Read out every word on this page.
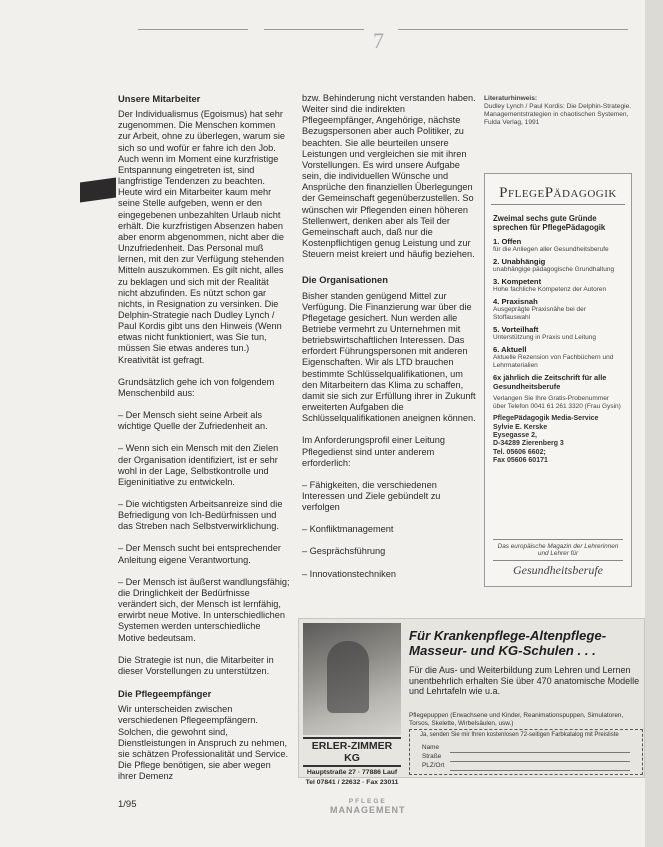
7
Unsere Mitarbeiter

Der Individualismus (Egoismus) hat sehr zugenommen. Die Menschen kommen zur Arbeit, ohne zu überlegen, warum sie sich so und wofür er fahre ich den Job. Auch wenn im Moment eine kurzfristige Entspannung eingetreten ist, sind langfristige Tendenzen zu beachten. Heute wird ein Mitarbeiter kaum mehr seine Stelle aufgeben, wenn er den eingegebenen unbezahlten Urlaub nicht erhält. Die kurzfristigen Absenzen haben aber enorm abgenommen, nicht aber die Unzufriedenheit. Das Personal muß lernen, mit den zur Verfügung stehenden Mitteln auszukommen. Es gilt nicht, alles zu beklagen und sich mit der Realität nicht abzufinden. Es nützt schon gar nichts, in Resignation zu versinken. Die Delphin-Strategie nach Dudley Lynch / Paul Kordis gibt uns den Hinweis (Wenn etwas nicht funktioniert, was Sie tun, müssen Sie etwas anderes tun.) Kreativität ist gefragt.

Grundsätzlich gehe ich von folgendem Menschenbild aus:

– Der Mensch sieht seine Arbeit als wichtige Quelle der Zufriedenheit an.

– Wenn sich ein Mensch mit den Zielen der Organisation identifiziert, ist er sehr wohl in der Lage, Selbstkontrolle und Eigeninitiative zu entwickeln.

– Die wichtigsten Arbeitsanreize sind die Befriedigung von Ich-Bedürfnissen und das Streben nach Selbstverwirklichung.

– Der Mensch sucht bei entsprechender Anleitung eigene Verantwortung.

– Der Mensch ist äußerst wandlungsfähig; die Dringlichkeit der Bedürfnisse verändert sich, der Mensch ist lernfähig, erwirbt neue Motive. In unterschiedlichen Systemen werden unterschiedliche Motive bedeutsam.

Die Strategie ist nun, die Mitarbeiter in dieser Vorstellungen zu unterstützen.

Die Pflegeempfänger

Wir unterscheiden zwischen verschiedenen Pflegeempfängern. Solchen, die gewohnt sind, Dienstleistungen in Anspruch zu nehmen, sie schätzen Professionalität und Service. Die Pflege benötigen, sie aber wegen ihrer Demenz

bzw. Behinderung nicht verstanden haben. Weiter sind die indirekten Pflegeempfänger, Angehörige, nächste Bezugspersonen aber auch Politiker, zu beachten. Sie alle beurteilen unsere Leistungen und vergleichen sie mit ihren Vorstellungen. Es wird unsere Aufgabe sein, die individuellen Wünsche und Ansprüche den finanziellen Überlegungen der Gemeinschaft gegenüberzustellen. So wünschen wir Pflegenden einen höheren Stellenwert, denken aber als Teil der Gemeinschaft auch, daß nur die Kostenpflichtigen genug Leistung und zur Steuern meist kreiert und häufig beziehen.

Die Organisationen

Bisher standen genügend Mittel zur Verfügung. Die Finanzierung war über die Pflegetage gesichert. Nun werden alle Betriebe vermehrt zu Unternehmen mit betriebswirtschaftlichen Interessen. Das erfordert Führungspersonen mit anderen Eigenschaften. Wir als LTD brauchen bestimmte Schlüsselqualifikationen, um den Mitarbeitern das Klima zu schaffen, damit sie sich zur Erfüllung ihrer in Zukunft erweiterten Aufgaben die Schlüsselqualifikationen aneignen können.

Im Anforderungsprofil einer Leitung Pflegedienst sind unter anderem erforderlich:

– Fähigkeiten, die verschiedenen Interessen und Ziele gebündelt zu verfolgen

– Konfliktmanagement

– Gesprächsführung

– Innovationstechniken

Literaturhinweis:
Dudley Lynch / Paul Kordis: Die Delphin-Strategie. Managementstrategien in chaotischen Systemen, Fulda Verlag, 1991
PflegePädagogik
Zweimal sechs gute Gründe sprechen für PflegePädagogik
1. Offen
für die Anliegen aller Gesundheitsberufe
2. Unabhängig
unabhängige pädagogische Grundhaltung
3. Kompetent
Hohe fachliche Kompetenz der Autoren
4. Praxisnah
Ausgeprägte Praxisnähe bei der Stoffauswahl
5. Vorteilhaft
Unterstützung in Praxis und Leitung
6. Aktuell
Aktuelle Rezension von Fachbüchern und Lehrmaterialien
6x jährlich die Zeitschrift für alle Gesundheitsberufe
Verlangen Sie Ihre Gratis-Probenummer über Telefon 0041 61 261 3320 (Frau Gysin)
PflegePädagogik Media-Service
Sylvie E. Kerske
Eysegasse 2,
D-34289 Zierenberg 3
Tel. 05606 6602;
Fax 05606 60171
Das europäische Magazin der Lehrerinnen und Lehrer für
Gesundheitsberufe
Für Krankenpflege-Altenpflege-Masseur- und KG-Schulen . . .
Für die Aus- und Weiterbildung zum Lehren und Lernen unentbehrlich erhalten Sie über 470 anatomische Modelle und Lehrtafeln wie u.a.
Pflegepuppen (Erwachsene und Kinder, Reanimationspuppen, Simulatoren, Torsos, Skelette, Wirbelsäulen, usw.)
ERLER-ZIMMER KG
Hauptstraße 27 · 77886 Lauf
Tel 07841 / 22632 · Fax 23011
Ja, senden Sie mir Ihren kostenlosen 72-seitigen Farbkatalog mit Preisliste
Name
Straße
PLZ/Ort
1/95	PFLEGE
MANAGEMENT
